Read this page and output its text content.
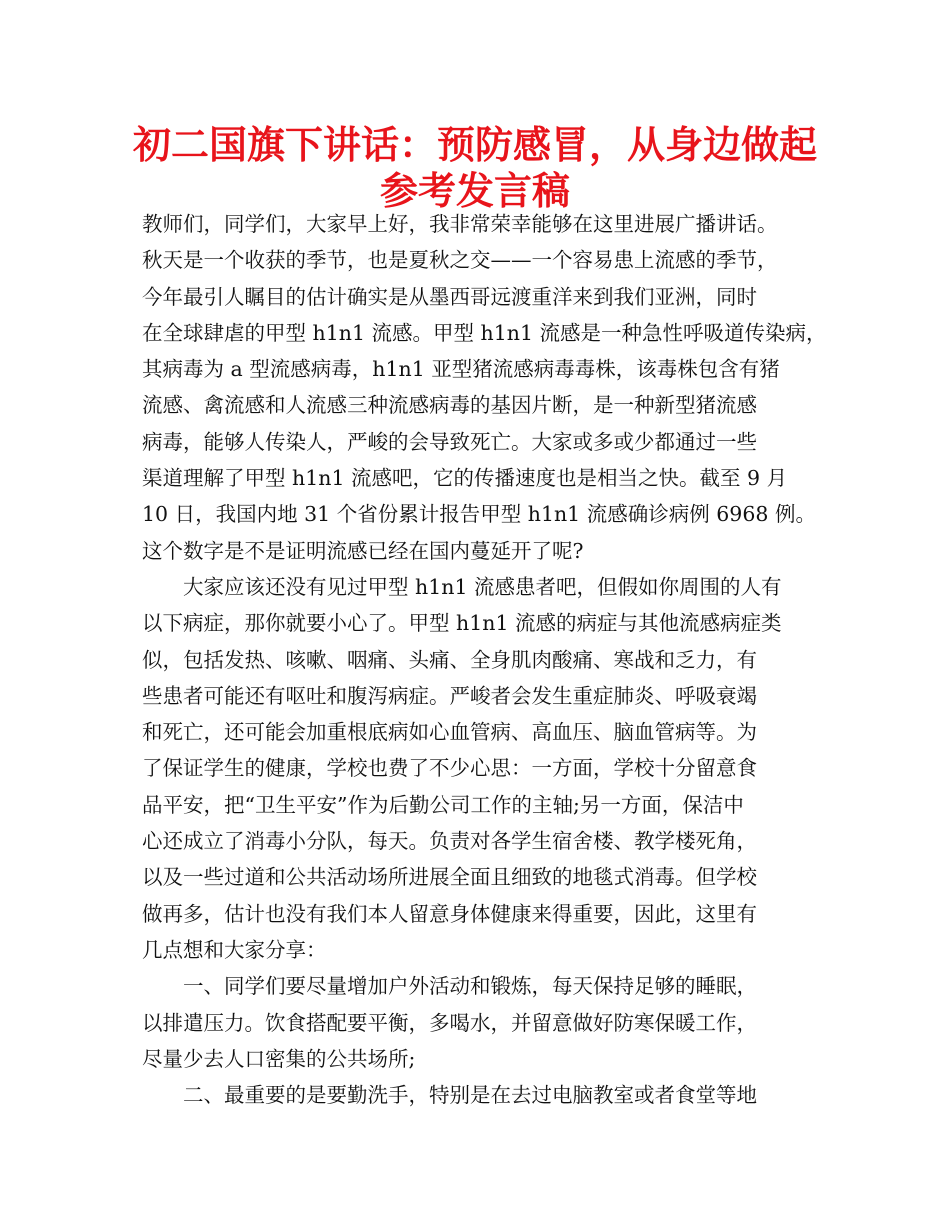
初二国旗下讲话：预防感冒，从身边做起
参考发言稿
教师们，同学们，大家早上好，我非常荣幸能够在这里进展广播讲话。
秋天是一个收获的季节，也是夏秋之交——一个容易患上流感的季节，
今年最引人瞩目的估计确实是从墨西哥远渡重洋来到我们亚洲，同时
在全球肆虐的甲型 h1n1 流感。甲型 h1n1 流感是一种急性呼吸道传染病，
其病毒为 a 型流感病毒，h1n1 亚型猪流感病毒毒株，该毒株包含有猪
流感、禽流感和人流感三种流感病毒的基因片断，是一种新型猪流感
病毒，能够人传染人，严峻的会导致死亡。大家或多或少都通过一些
渠道理解了甲型 h1n1 流感吧，它的传播速度也是相当之快。截至 9 月
10 日，我国内地 31 个省份累计报告甲型 h1n1 流感确诊病例 6968 例。
这个数字是不是证明流感已经在国内蔓延开了呢?
大家应该还没有见过甲型 h1n1 流感患者吧，但假如你周围的人有
以下病症，那你就要小心了。甲型 h1n1 流感的病症与其他流感病症类
似，包括发热、咳嗽、咽痛、头痛、全身肌肉酸痛、寒战和乏力，有
些患者可能还有呕吐和腹泻病症。严峻者会发生重症肺炎、呼吸衰竭
和死亡，还可能会加重根底病如心血管病、高血压、脑血管病等。为
了保证学生的健康，学校也费了不少心思：一方面，学校十分留意食
品平安，把“卫生平安”作为后勤公司工作的主轴;另一方面，保洁中
心还成立了消毒小分队，每天。负责对各学生宿舍楼、教学楼死角，
以及一些过道和公共活动场所进展全面且细致的地毯式消毒。但学校
做再多，估计也没有我们本人留意身体健康来得重要，因此，这里有
几点想和大家分享：
一、同学们要尽量增加户外活动和锻炼，每天保持足够的睡眠，
以排遣压力。饮食搭配要平衡，多喝水，并留意做好防寒保暖工作，
尽量少去人口密集的公共场所;
二、最重要的是要勤洗手，特别是在去过电脑教室或者食堂等地
